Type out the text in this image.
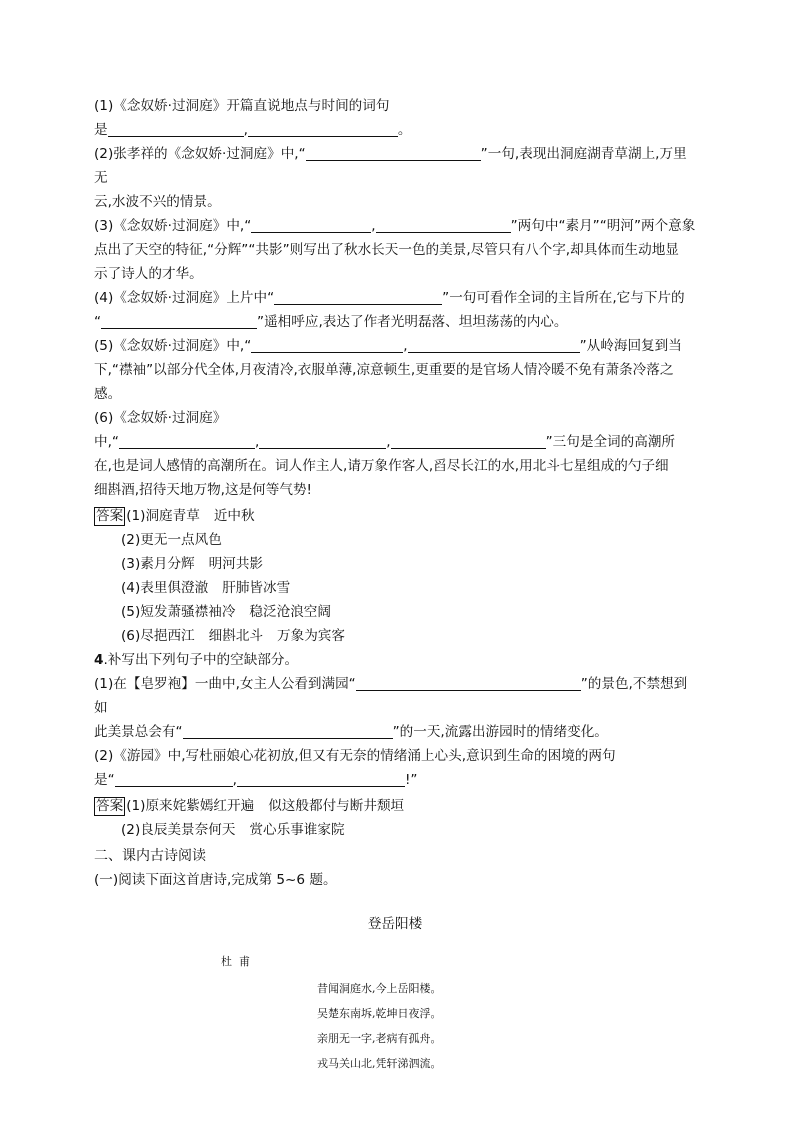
(1)《念奴娇·过洞庭》开篇直说地点与时间的词句

是	,	。

(2)张孝祥的《念奴娇·过洞庭》中,“	”一句,表现出洞庭湖青草湖上,万里无

云,水波不兴的情景。

(3)《念奴娇·过洞庭》中,“	,	”两句中“素月”“明河”两个意象

点出了天空的特征,“分辉”“共影”则写出了秋水长天一色的美景,尽管只有八个字,却具体而生动地显

示了诗人的才华。

(4)《念奴娇·过洞庭》上片中“	”一句可看作全词的主旨所在,它与下片的

“	”遥相呼应,表达了作者光明磊落、坦坦荡荡的内心。

(5)《念奴娇·过洞庭》中,“	,	”从岭海回复到当

下,“襟袖”以部分代全体,月夜清冷,衣服单薄,凉意顿生,更重要的是官场人情冷暖不免有萧条冷落之

感。

(6)《念奴娇·过洞庭》

中,“	,	,	”三句是全词的高潮所

在,也是词人感情的高潮所在。词人作主人,请万象作客人,舀尽长江的水,用北斗七星组成的勺子细

细斟酒,招待天地万物,这是何等气势!

答案 (1)洞庭青草 近中秋

(2)更无一点风色

(3)素月分辉 明河共影

(4)表里俱澄澈 肝肺皆冰雪

(5)短发萧骚襟袖冷 稳泛沧浪空阔

(6)尽挹西江 细斟北斗 万象为宾客

4.补写出下列句子中的空缺部分。

(1)在【皂罗袍】一曲中,女主人公看到满园“	”的景色,不禁想到如

此美景总会有“	”的一天,流露出游园时的情绪变化。

(2)《游园》中,写杜丽娘心花初放,但又有无奈的情绪涌上心头,意识到生命的困境的两句

是“	,	!”

答案 (1)原来姹紫嫣红开遍 似这般都付与断井颓垣

(2)良辰美景奈何天 赏心乐事谁家院

二、课内古诗阅读

(一)阅读下面这首唐诗,完成第 5~6 题。

登岳阳楼

杜甫

昔闻洞庭水,今上岳阳楼。

吴楚东南坼,乾坤日夜浮。

亲朋无一字,老病有孤舟。

戎马关山北,凭轩涕泗流。
